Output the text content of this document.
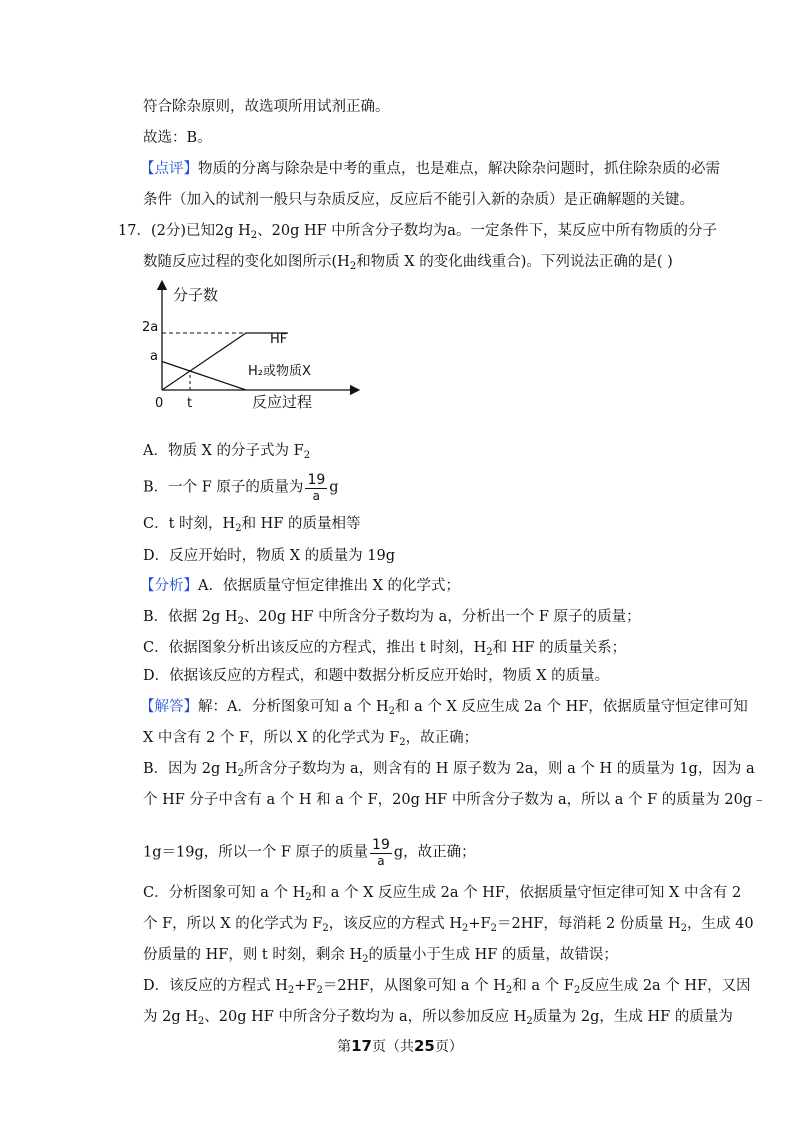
符合除杂原则，故选项所用试剂正确。
故选：B。
【点评】物质的分离与除杂是中考的重点，也是难点，解决除杂问题时，抓住除杂质的必需
条件（加入的试剂一般只与杂质反应，反应后不能引入新的杂质）是正确解题的关键。
17．(2分)已知2g $H_2$、20g HF 中所含分子数均为a。一定条件下，某反应中所有物质的分子
数随反应过程的变化如图所示($H_2$和物质 X 的变化曲线重合)。下列说法正确的是( )
分子数
反应过程
0
2a
a
t
HF
H₂或物质X
A．物质 X 的分子式为 $F_2$
B．一个 F 原子的质量为 $\frac{19}{a}$ g
C．t 时刻，$H_2$和 HF 的质量相等
D．反应开始时，物质 X 的质量为 19g
【分析】A．依据质量守恒定律推出 X 的化学式；
B．依据 2g $H_2$、20g HF 中所含分子数均为 a，分析出一个 F 原子的质量；
C．依据图象分析出该反应的方程式，推出 t 时刻，$H_2$和 HF 的质量关系；
D．依据该反应的方程式，和题中数据分析反应开始时，物质 X 的质量。
【解答】解：A．分析图象可知 a 个 $H_2$和 a 个 X 反应生成 2a 个 HF，依据质量守恒定律可知
X 中含有 2 个 F，所以 X 的化学式为 $F_2$，故正确；
B．因为 2g $H_2$所含分子数均为 a，则含有的 H 原子数为 2a，则 a 个 H 的质量为 1g，因为 a
个 HF 分子中含有 a 个 H 和 a 个 F，20g HF 中所含分子数为 a，所以 a 个 F 的质量为 20g﹣
1g＝19g，所以一个 F 原子的质量 $\frac{19}{a}$ g，故正确；
C．分析图象可知 a 个 $H_2$和 a 个 X 反应生成 2a 个 HF，依据质量守恒定律可知 X 中含有 2
个 F，所以 X 的化学式为 $F_2$，该反应的方程式 $H_2+F_2=2HF$，每消耗 2 份质量 $H_2$，生成 40
份质量的 HF，则 t 时刻，剩余 $H_2$的质量小于生成 HF 的质量，故错误；
D．该反应的方程式 $H_2+F_2=2HF$，从图象可知 a 个 $H_2$和 a 个 $F_2$反应生成 2a 个 HF，又因
为 2g $H_2$、20g HF 中所含分子数均为 a，所以参加反应 $H_2$质量为 2g，生成 HF 的质量为
第17页（共25页）
